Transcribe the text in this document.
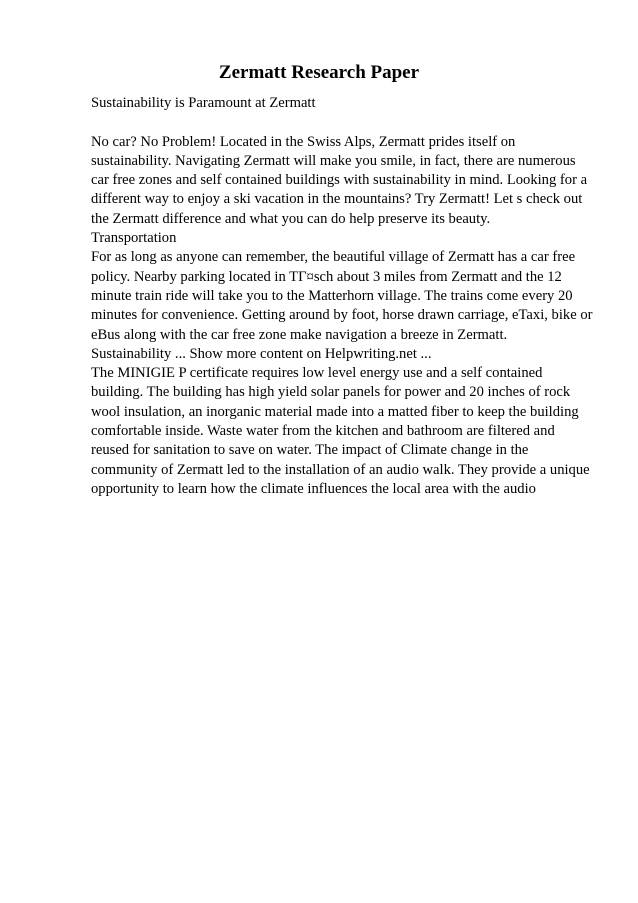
Zermatt Research Paper

Sustainability is Paramount at Zermatt

No car? No Problem! Located in the Swiss Alps, Zermatt prides itself on

sustainability. Navigating Zermatt will make you smile, in fact, there are numerous

car free zones and self contained buildings with sustainability in mind. Looking for a

different way to enjoy a ski vacation in the mountains? Try Zermatt! Let s check out

the Zermatt difference and what you can do help preserve its beauty.

Transportation

For as long as anyone can remember, the beautiful village of Zermatt has a car free

policy. Nearby parking located in TГ¤sch about 3 miles from Zermatt and the 12

minute train ride will take you to the Matterhorn village. The trains come every 20

minutes for convenience. Getting around by foot, horse drawn carriage, eTaxi, bike or

eBus along with the car free zone make navigation a breeze in Zermatt.

Sustainability ... Show more content on Helpwriting.net ...

The MINIGIE P certificate requires low level energy use and a self contained

building. The building has high yield solar panels for power and 20 inches of rock

wool insulation, an inorganic material made into a matted fiber to keep the building

comfortable inside. Waste water from the kitchen and bathroom are filtered and

reused for sanitation to save on water. The impact of Climate change in the

community of Zermatt led to the installation of an audio walk. They provide a unique

opportunity to learn how the climate influences the local area with the audio
